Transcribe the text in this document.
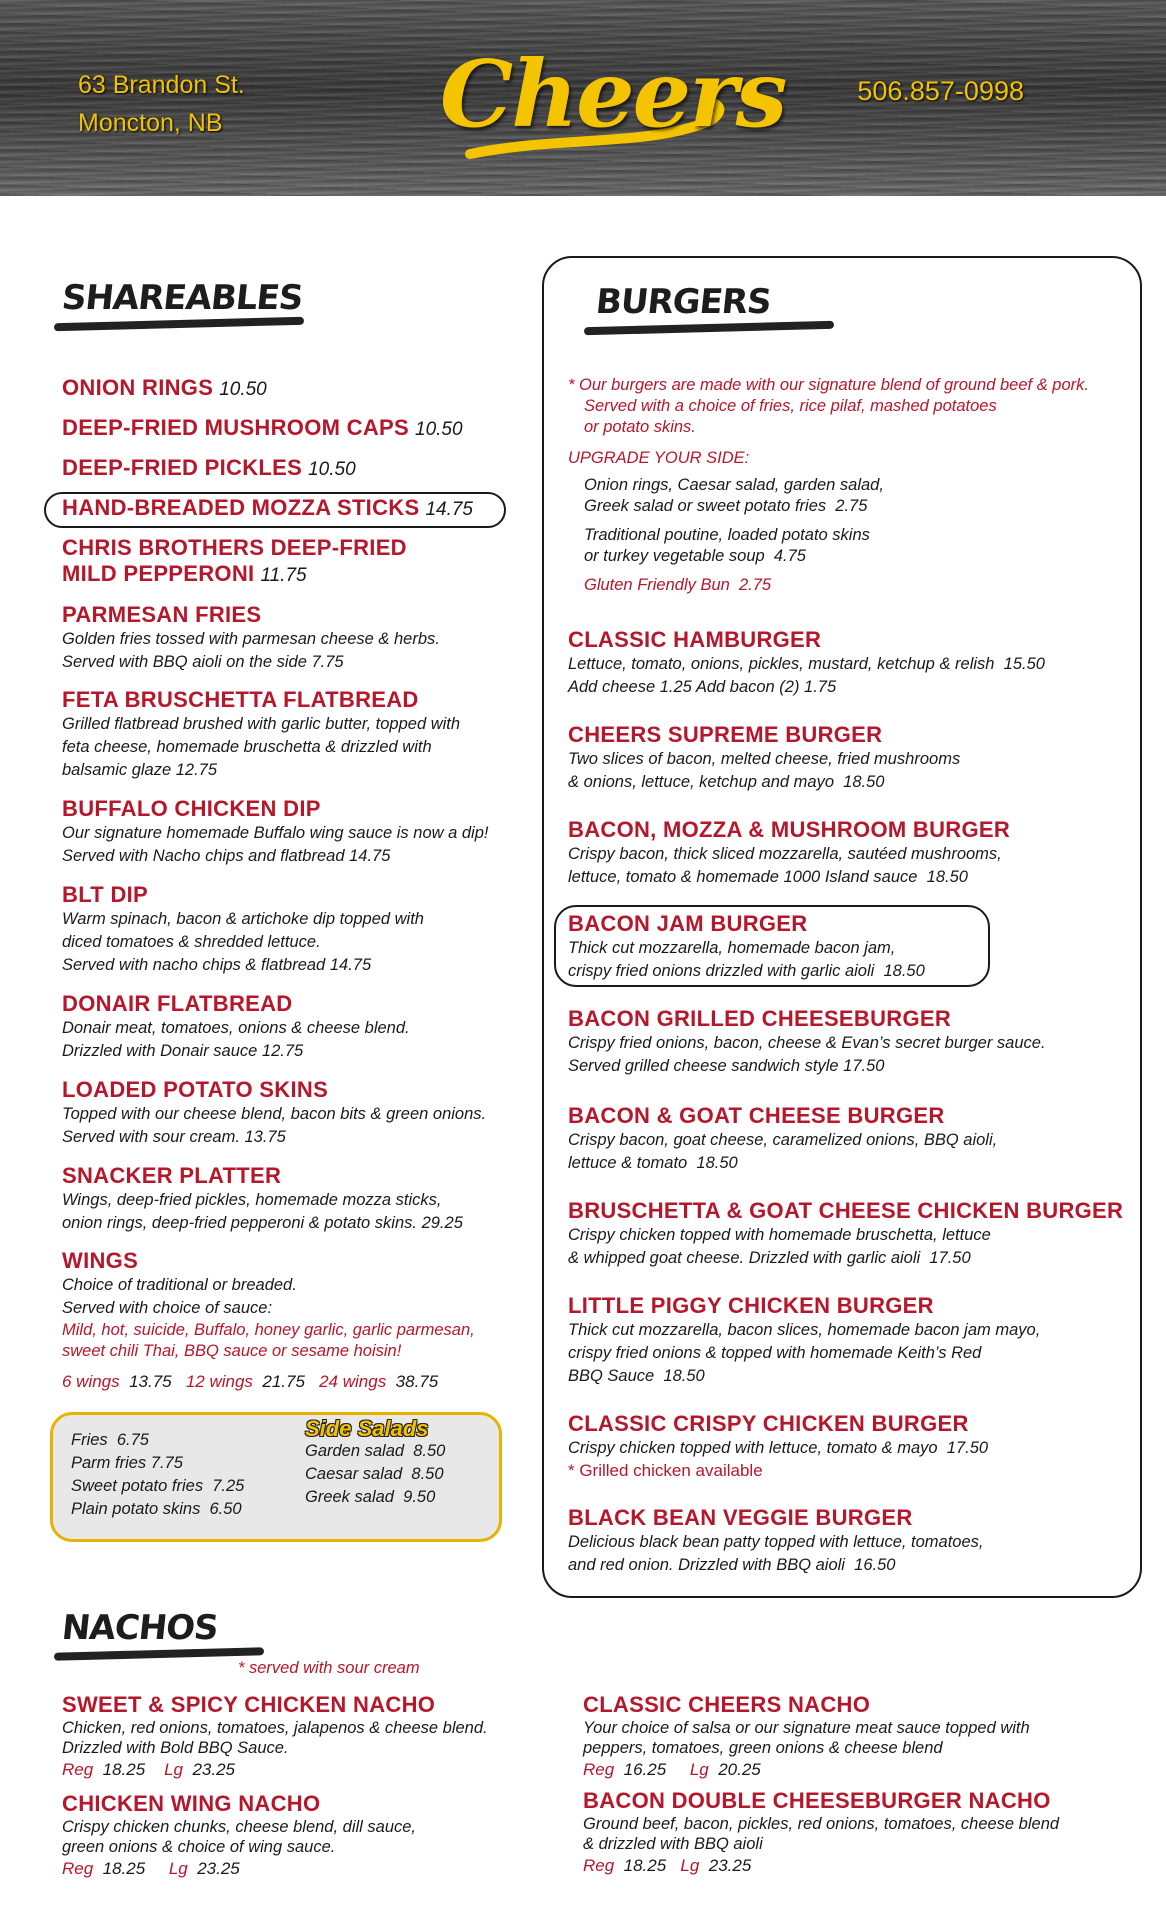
63 Brandon St.
Moncton, NB Cheers	506.857-0998
SHAREABLES
ONION RINGS 10.50
DEEP-FRIED MUSHROOM CAPS 10.50
DEEP-FRIED PICKLES 10.50
HAND-BREADED MOZZA STICKS 14.75
CHRIS BROTHERS DEEP-FRIED
MILD PEPPERONI 11.75
PARMESAN FRIES
Golden fries tossed with parmesan cheese & herbs.
Served with BBQ aioli on the side 7.75
FETA BRUSCHETTA FLATBREAD
Grilled flatbread brushed with garlic butter, topped with
feta cheese, homemade bruschetta & drizzled with
balsamic glaze 12.75
BUFFALO CHICKEN DIP
Our signature homemade Buffalo wing sauce is now a dip!
Served with Nacho chips and flatbread 14.75
BLT DIP
Warm spinach, bacon & artichoke dip topped with
diced tomatoes & shredded lettuce.
Served with nacho chips & flatbread 14.75
DONAIR FLATBREAD
Donair meat, tomatoes, onions & cheese blend.
Drizzled with Donair sauce 12.75
LOADED POTATO SKINS
Topped with our cheese blend, bacon bits & green onions.
Served with sour cream. 13.75
SNACKER PLATTER
Wings, deep-fried pickles, homemade mozza sticks,
onion rings, deep-fried pepperoni & potato skins. 29.25
WINGS
Choice of traditional or breaded.
Served with choice of sauce:
Mild, hot, suicide, Buffalo, honey garlic, garlic parmesan,
sweet chili Thai, BBQ sauce or sesame hoisin!
6 wings 13.75 12 wings 21.75 24 wings 38.75
Fries 6.75
Parm fries 7.75
Sweet potato fries 7.25
Plain potato skins 6.50
Side Salads
Garden salad 8.50
Caesar salad 8.50
Greek salad 9.50
BURGERS
* Our burgers are made with our signature blend of ground beef & pork.
Served with a choice of fries, rice pilaf, mashed potatoes
or potato skins.
UPGRADE YOUR SIDE:
Onion rings, Caesar salad, garden salad,
Greek salad or sweet potato fries 2.75
Traditional poutine, loaded potato skins
or turkey vegetable soup 4.75
Gluten Friendly Bun 2.75
CLASSIC HAMBURGER
Lettuce, tomato, onions, pickles, mustard, ketchup & relish 15.50
Add cheese 1.25 Add bacon (2) 1.75
CHEERS SUPREME BURGER
Two slices of bacon, melted cheese, fried mushrooms
& onions, lettuce, ketchup and mayo 18.50
BACON, MOZZA & MUSHROOM BURGER
Crispy bacon, thick sliced mozzarella, sautéed mushrooms,
lettuce, tomato & homemade 1000 Island sauce 18.50
BACON JAM BURGER
Thick cut mozzarella, homemade bacon jam,
crispy fried onions drizzled with garlic aioli 18.50
BACON GRILLED CHEESEBURGER
Crispy fried onions, bacon, cheese & Evan’s secret burger sauce.
Served grilled cheese sandwich style 17.50
BACON & GOAT CHEESE BURGER
Crispy bacon, goat cheese, caramelized onions, BBQ aioli,
lettuce & tomato 18.50
BRUSCHETTA & GOAT CHEESE CHICKEN BURGER
Crispy chicken topped with homemade bruschetta, lettuce
& whipped goat cheese. Drizzled with garlic aioli 17.50
LITTLE PIGGY CHICKEN BURGER
Thick cut mozzarella, bacon slices, homemade bacon jam mayo,
crispy fried onions & topped with homemade Keith’s Red
BBQ Sauce 18.50
CLASSIC CRISPY CHICKEN BURGER
Crispy chicken topped with lettuce, tomato & mayo 17.50
* Grilled chicken available
BLACK BEAN VEGGIE BURGER
Delicious black bean patty topped with lettuce, tomatoes,
and red onion. Drizzled with BBQ aioli 16.50
NACHOS
* served with sour cream
SWEET & SPICY CHICKEN NACHO
Chicken, red onions, tomatoes, jalapenos & cheese blend.
Drizzled with Bold BBQ Sauce.
Reg 18.25 Lg 23.25
CHICKEN WING NACHO
Crispy chicken chunks, cheese blend, dill sauce,
green onions & choice of wing sauce.
Reg 18.25 Lg 23.25
CLASSIC CHEERS NACHO
Your choice of salsa or our signature meat sauce topped with
peppers, tomatoes, green onions & cheese blend
Reg 16.25 Lg 20.25
BACON DOUBLE CHEESEBURGER NACHO
Ground beef, bacon, pickles, red onions, tomatoes, cheese blend
& drizzled with BBQ aioli
Reg 18.25 Lg 23.25
